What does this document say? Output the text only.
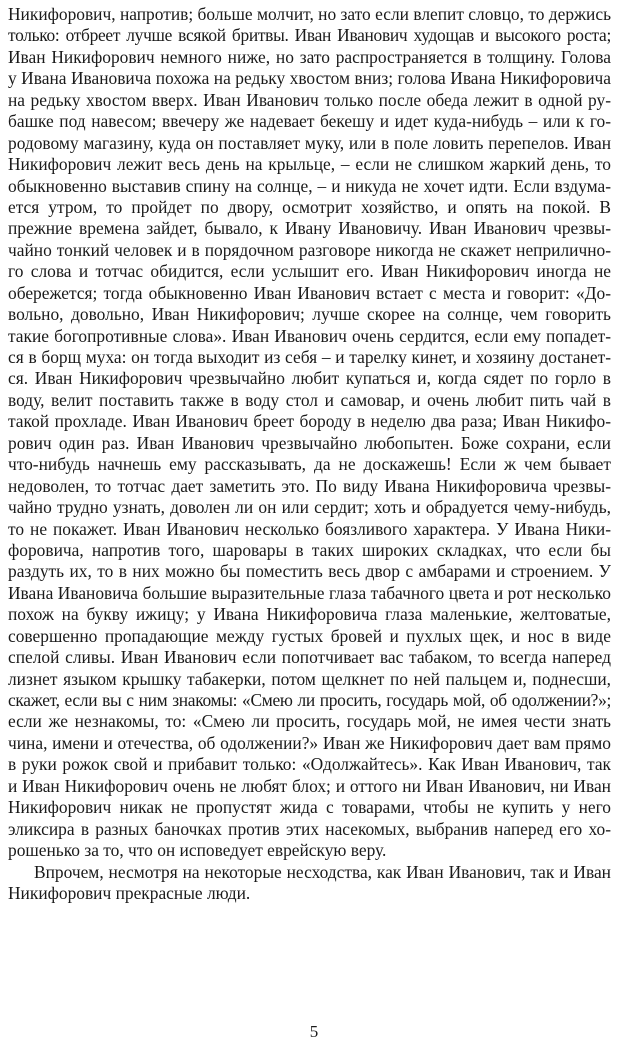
Никифорович, напротив; больше молчит, но зато если влепит словцо, то держись
только: отбреет лучше всякой бритвы. Иван Иванович худощав и высокого роста;
Иван Никифорович немного ниже, но зато распространяется в толщину. Голова
у Ивана Ивановича похожа на редьку хвостом вниз; голова Ивана Никифоровича
на редьку хвостом вверх. Иван Иванович только после обеда лежит в одной ру-
башке под навесом; ввечеру же надевает бекешу и идет куда-нибудь – или к го-
родовому магазину, куда он поставляет муку, или в поле ловить перепелов. Иван
Никифорович лежит весь день на крыльце, – если не слишком жаркий день, то
обыкновенно выставив спину на солнце, – и никуда не хочет идти. Если вздума-
ется утром, то пройдет по двору, осмотрит хозяйство, и опять на покой. В
прежние времена зайдет, бывало, к Ивану Ивановичу. Иван Иванович чрезвы-
чайно тонкий человек и в порядочном разговоре никогда не скажет неприлично-
го слова и тотчас обидится, если услышит его. Иван Никифорович иногда не
обережется; тогда обыкновенно Иван Иванович встает с места и говорит: «До-
вольно, довольно, Иван Никифорович; лучше скорее на солнце, чем говорить
такие богопротивные слова». Иван Иванович очень сердится, если ему попадет-
ся в борщ муха: он тогда выходит из себя – и тарелку кинет, и хозяину достанет-
ся. Иван Никифорович чрезвычайно любит купаться и, когда сядет по горло в
воду, велит поставить также в воду стол и самовар, и очень любит пить чай в
такой прохладе. Иван Иванович бреет бороду в неделю два раза; Иван Никифо-
рович один раз. Иван Иванович чрезвычайно любопытен. Боже сохрани, если
что-нибудь начнешь ему рассказывать, да не доскажешь! Если ж чем бывает
недоволен, то тотчас дает заметить это. По виду Ивана Никифоровича чрезвы-
чайно трудно узнать, доволен ли он или сердит; хоть и обрадуется чему-нибудь,
то не покажет. Иван Иванович несколько боязливого характера. У Ивана Ники-
форовича, напротив того, шаровары в таких широких складках, что если бы
раздуть их, то в них можно бы поместить весь двор с амбарами и строением. У
Ивана Ивановича большие выразительные глаза табачного цвета и рот несколько
похож на букву ижицу; у Ивана Никифоровича глаза маленькие, желтоватые,
совершенно пропадающие между густых бровей и пухлых щек, и нос в виде
спелой сливы. Иван Иванович если попотчивает вас табаком, то всегда наперед
лизнет языком крышку табакерки, потом щелкнет по ней пальцем и, поднесши,
скажет, если вы с ним знакомы: «Смею ли просить, государь мой, об одолжении?»;
если же незнакомы, то: «Смею ли просить, государь мой, не имея чести знать
чина, имени и отечества, об одолжении?» Иван же Никифорович дает вам прямо
в руки рожок свой и прибавит только: «Одолжайтесь». Как Иван Иванович, так
и Иван Никифорович очень не любят блох; и оттого ни Иван Иванович, ни Иван
Никифорович никак не пропустят жида с товарами, чтобы не купить у него
эликсира в разных баночках против этих насекомых, выбранив наперед его хо-
рошенько за то, что он исповедует еврейскую веру.
Впрочем, несмотря на некоторые несходства, как Иван Иванович, так и Иван
Никифорович прекрасные люди.
5
